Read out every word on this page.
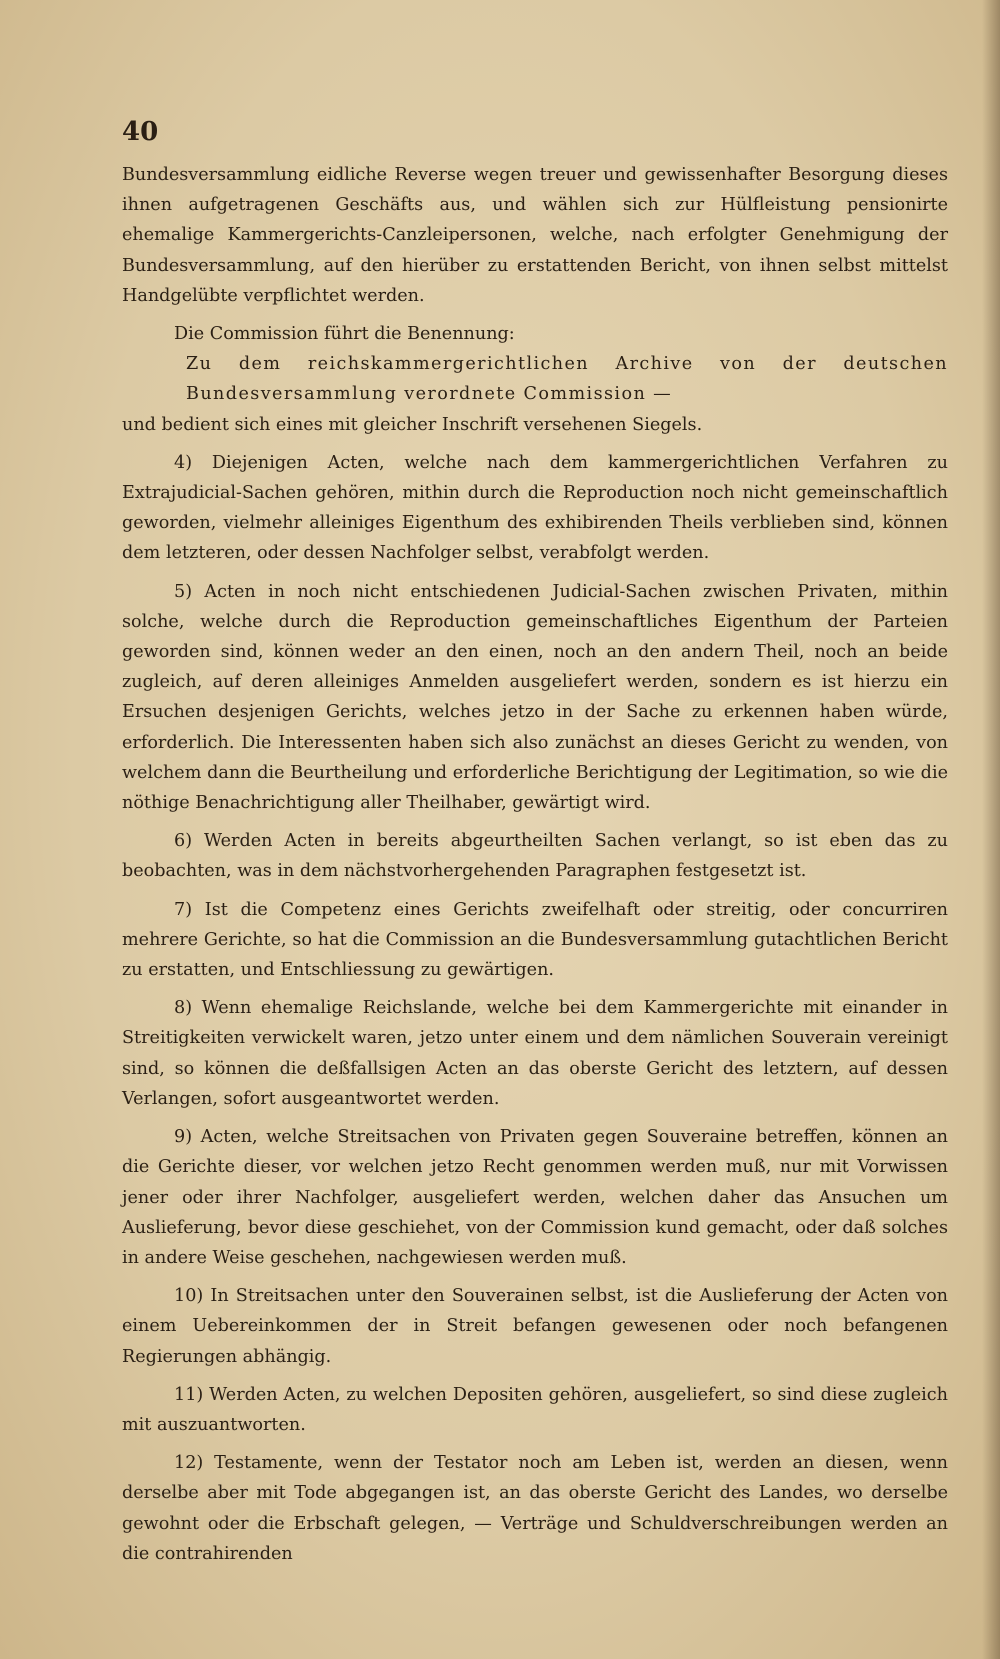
40

Bundesversammlung eidliche Reverse wegen treuer und gewissenhafter Besorgung dieses ihnen aufgetragenen Geschäfts aus, und wählen sich zur Hülfleistung pensionirte ehemalige Kammergerichts-Canzleipersonen, welche, nach erfolgter Genehmigung der Bundesversammlung, auf den hierüber zu erstattenden Bericht, von ihnen selbst mittelst Handgelübte verpflichtet werden.

Die Commission führt die Benennung:

Zu dem reichskammergerichtlichen Archive von der deutschen Bundesversammlung verordnete Commission —

und bedient sich eines mit gleicher Inschrift versehenen Siegels.

4) Diejenigen Acten, welche nach dem kammergerichtlichen Verfahren zu Extrajudicial-Sachen gehören, mithin durch die Reproduction noch nicht gemeinschaftlich geworden, vielmehr alleiniges Eigenthum des exhibirenden Theils verblieben sind, können dem letzteren, oder dessen Nachfolger selbst, verabfolgt werden.

5) Acten in noch nicht entschiedenen Judicial-Sachen zwischen Privaten, mithin solche, welche durch die Reproduction gemeinschaftliches Eigenthum der Parteien geworden sind, können weder an den einen, noch an den andern Theil, noch an beide zugleich, auf deren alleiniges Anmelden ausgeliefert werden, sondern es ist hierzu ein Ersuchen desjenigen Gerichts, welches jetzo in der Sache zu erkennen haben würde, erforderlich. Die Interessenten haben sich also zunächst an dieses Gericht zu wenden, von welchem dann die Beurtheilung und erforderliche Berichtigung der Legitimation, so wie die nöthige Benachrichtigung aller Theilhaber, gewärtigt wird.

6) Werden Acten in bereits abgeurtheilten Sachen verlangt, so ist eben das zu beobachten, was in dem nächstvorhergehenden Paragraphen festgesetzt ist.

7) Ist die Competenz eines Gerichts zweifelhaft oder streitig, oder concurriren mehrere Gerichte, so hat die Commission an die Bundesversammlung gutachtlichen Bericht zu erstatten, und Entschliessung zu gewärtigen.

8) Wenn ehemalige Reichslande, welche bei dem Kammergerichte mit einander in Streitigkeiten verwickelt waren, jetzo unter einem und dem nämlichen Souverain vereinigt sind, so können die deßfallsigen Acten an das oberste Gericht des letztern, auf dessen Verlangen, sofort ausgeantwortet werden.

9) Acten, welche Streitsachen von Privaten gegen Souveraine betreffen, können an die Gerichte dieser, vor welchen jetzo Recht genommen werden muß, nur mit Vorwissen jener oder ihrer Nachfolger, ausgeliefert werden, welchen daher das Ansuchen um Auslieferung, bevor diese geschiehet, von der Commission kund gemacht, oder daß solches in andere Weise geschehen, nachgewiesen werden muß.

10) In Streitsachen unter den Souverainen selbst, ist die Auslieferung der Acten von einem Uebereinkommen der in Streit befangen gewesenen oder noch befangenen Regierungen abhängig.

11) Werden Acten, zu welchen Depositen gehören, ausgeliefert, so sind diese zugleich mit auszuantworten.

12) Testamente, wenn der Testator noch am Leben ist, werden an diesen, wenn derselbe aber mit Tode abgegangen ist, an das oberste Gericht des Landes, wo derselbe gewohnt oder die Erbschaft gelegen, — Verträge und Schuldverschreibungen werden an die contrahirenden
